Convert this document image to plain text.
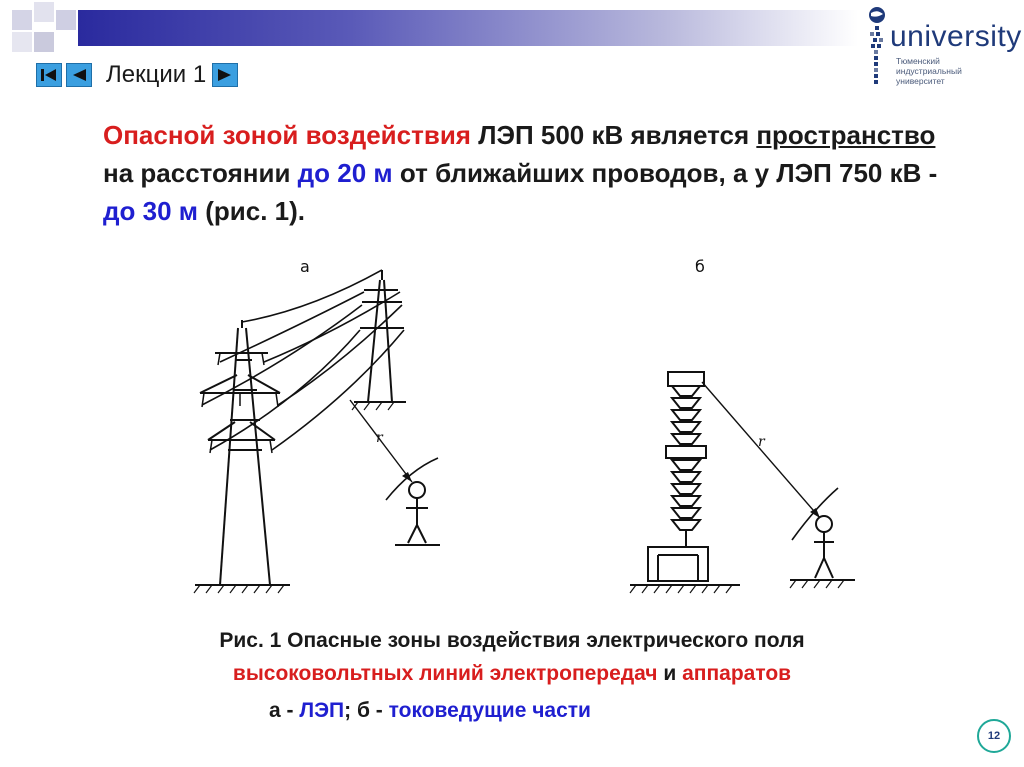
Лекции 1
university
Тюменский индустриальный университет
Опасной зоной воздействия ЛЭП 500 кВ является пространство на расстоянии до 20 м от ближайших проводов, а у ЛЭП 750 кВ - до 30 м (рис. 1).
а	б
r	r
Рис. 1 Опасные зоны воздействия электрического поля
высоковольтных линий электропередач и аппаратов
а - ЛЭП; б - токоведущие части
12
